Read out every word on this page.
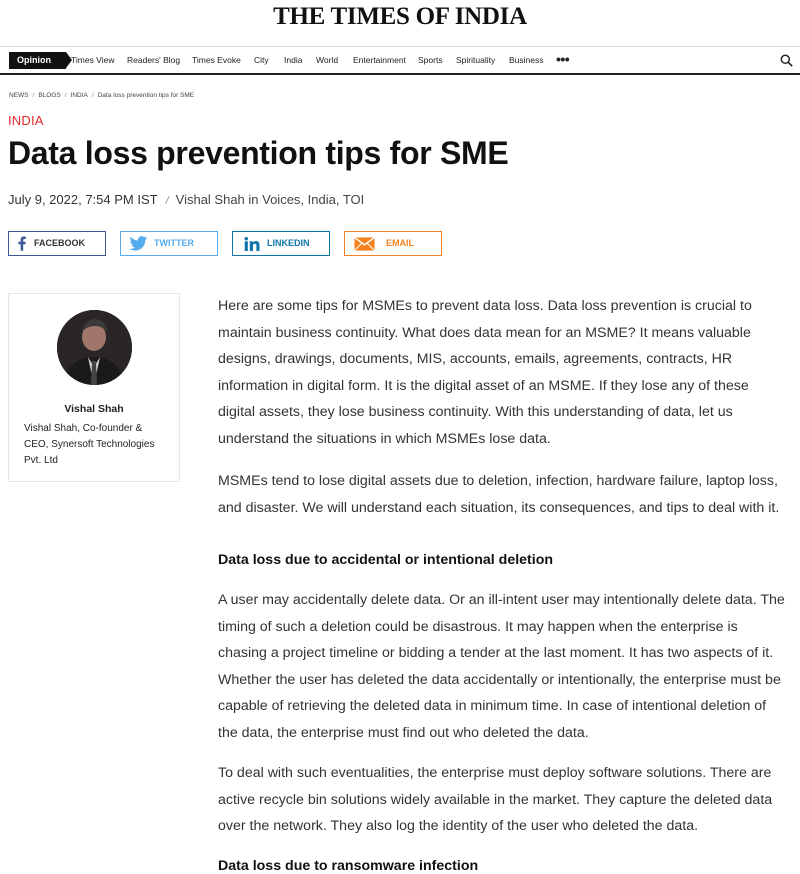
THE TIMES OF INDIA
Opinion	Times View Readers' Blog Times Evoke City India World Entertainment Sports Spirituality Business •••
NEWS / BLOGS / INDIA / Data loss prevention tips for SME
INDIA
Data loss prevention tips for SME
July 9, 2022, 7:54 PM IST / Vishal Shah in Voices, India, TOI
FACEBOOK	TWITTER	LINKEDIN	EMAIL
Vishal Shah
Vishal Shah, Co-founder & CEO, Synersoft Technologies Pvt. Ltd

Here are some tips for MSMEs to prevent data loss. Data loss prevention is crucial to maintain business continuity. What does data mean for an MSME? It means valuable designs, drawings, documents, MIS, accounts, emails, agreements, contracts, HR information in digital form. It is the digital asset of an MSME. If they lose any of these digital assets, they lose business continuity. With this understanding of data, let us understand the situations in which MSMEs lose data.

MSMEs tend to lose digital assets due to deletion, infection, hardware failure, laptop loss, and disaster. We will understand each situation, its consequences, and tips to deal with it.

Data loss due to accidental or intentional deletion

A user may accidentally delete data. Or an ill-intent user may intentionally delete data. The timing of such a deletion could be disastrous. It may happen when the enterprise is chasing a project timeline or bidding a tender at the last moment. It has two aspects of it. Whether the user has deleted the data accidentally or intentionally, the enterprise must be capable of retrieving the deleted data in minimum time. In case of intentional deletion of the data, the enterprise must find out who deleted the data.

To deal with such eventualities, the enterprise must deploy software solutions. There are active recycle bin solutions widely available in the market. They capture the deleted data over the network. They also log the identity of the user who deleted the data.

Data loss due to ransomware infection
